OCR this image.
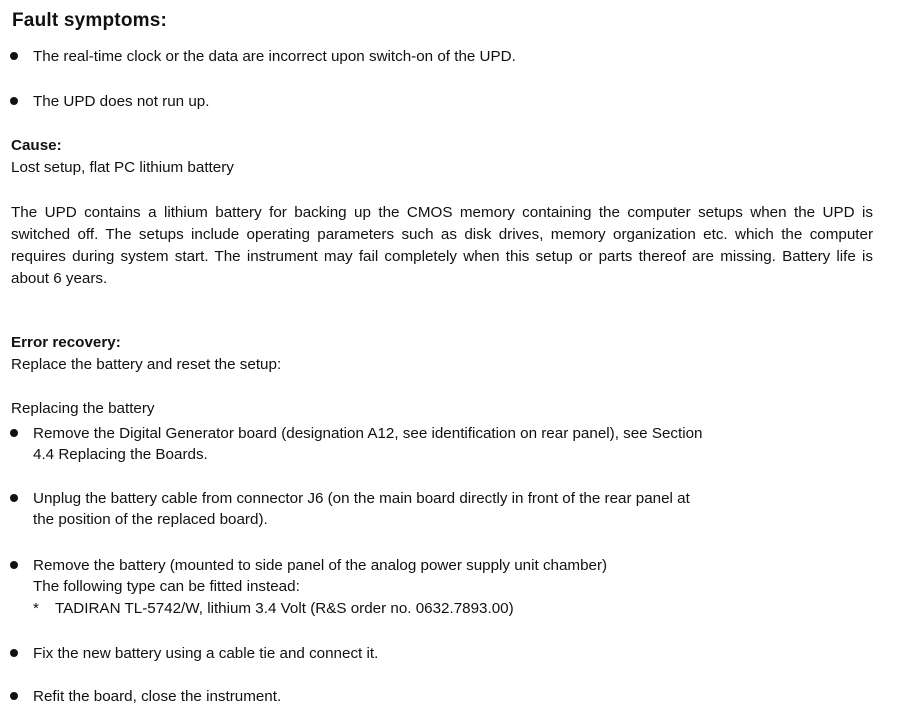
Fault symptoms:
The real-time clock or the data are incorrect upon switch-on of the UPD.
The UPD does not run up.
Cause:
Lost setup, flat PC lithium battery
The UPD contains a lithium battery for backing up the CMOS memory containing the computer setups when the UPD is switched off. The setups include operating parameters such as disk drives, memory organization etc. which the computer requires during system start. The instrument may fail completely when this setup or parts thereof are missing. Battery life is about 6 years.
Error recovery:
Replace the battery and reset the setup:
Replacing the battery
Remove the Digital Generator board (designation A12, see identification on rear panel), see Section
4.4 Replacing the Boards.
Unplug the battery cable from connector J6 (on the main board directly in front of the rear panel at
the position of the replaced board).
Remove the battery (mounted to side panel of the analog power supply unit chamber)
The following type can be fitted instead:
* TADIRAN TL-5742/W, lithium 3.4 Volt (R&S order no. 0632.7893.00)
Fix the new battery using a cable tie and connect it.
Refit the board, close the instrument.
